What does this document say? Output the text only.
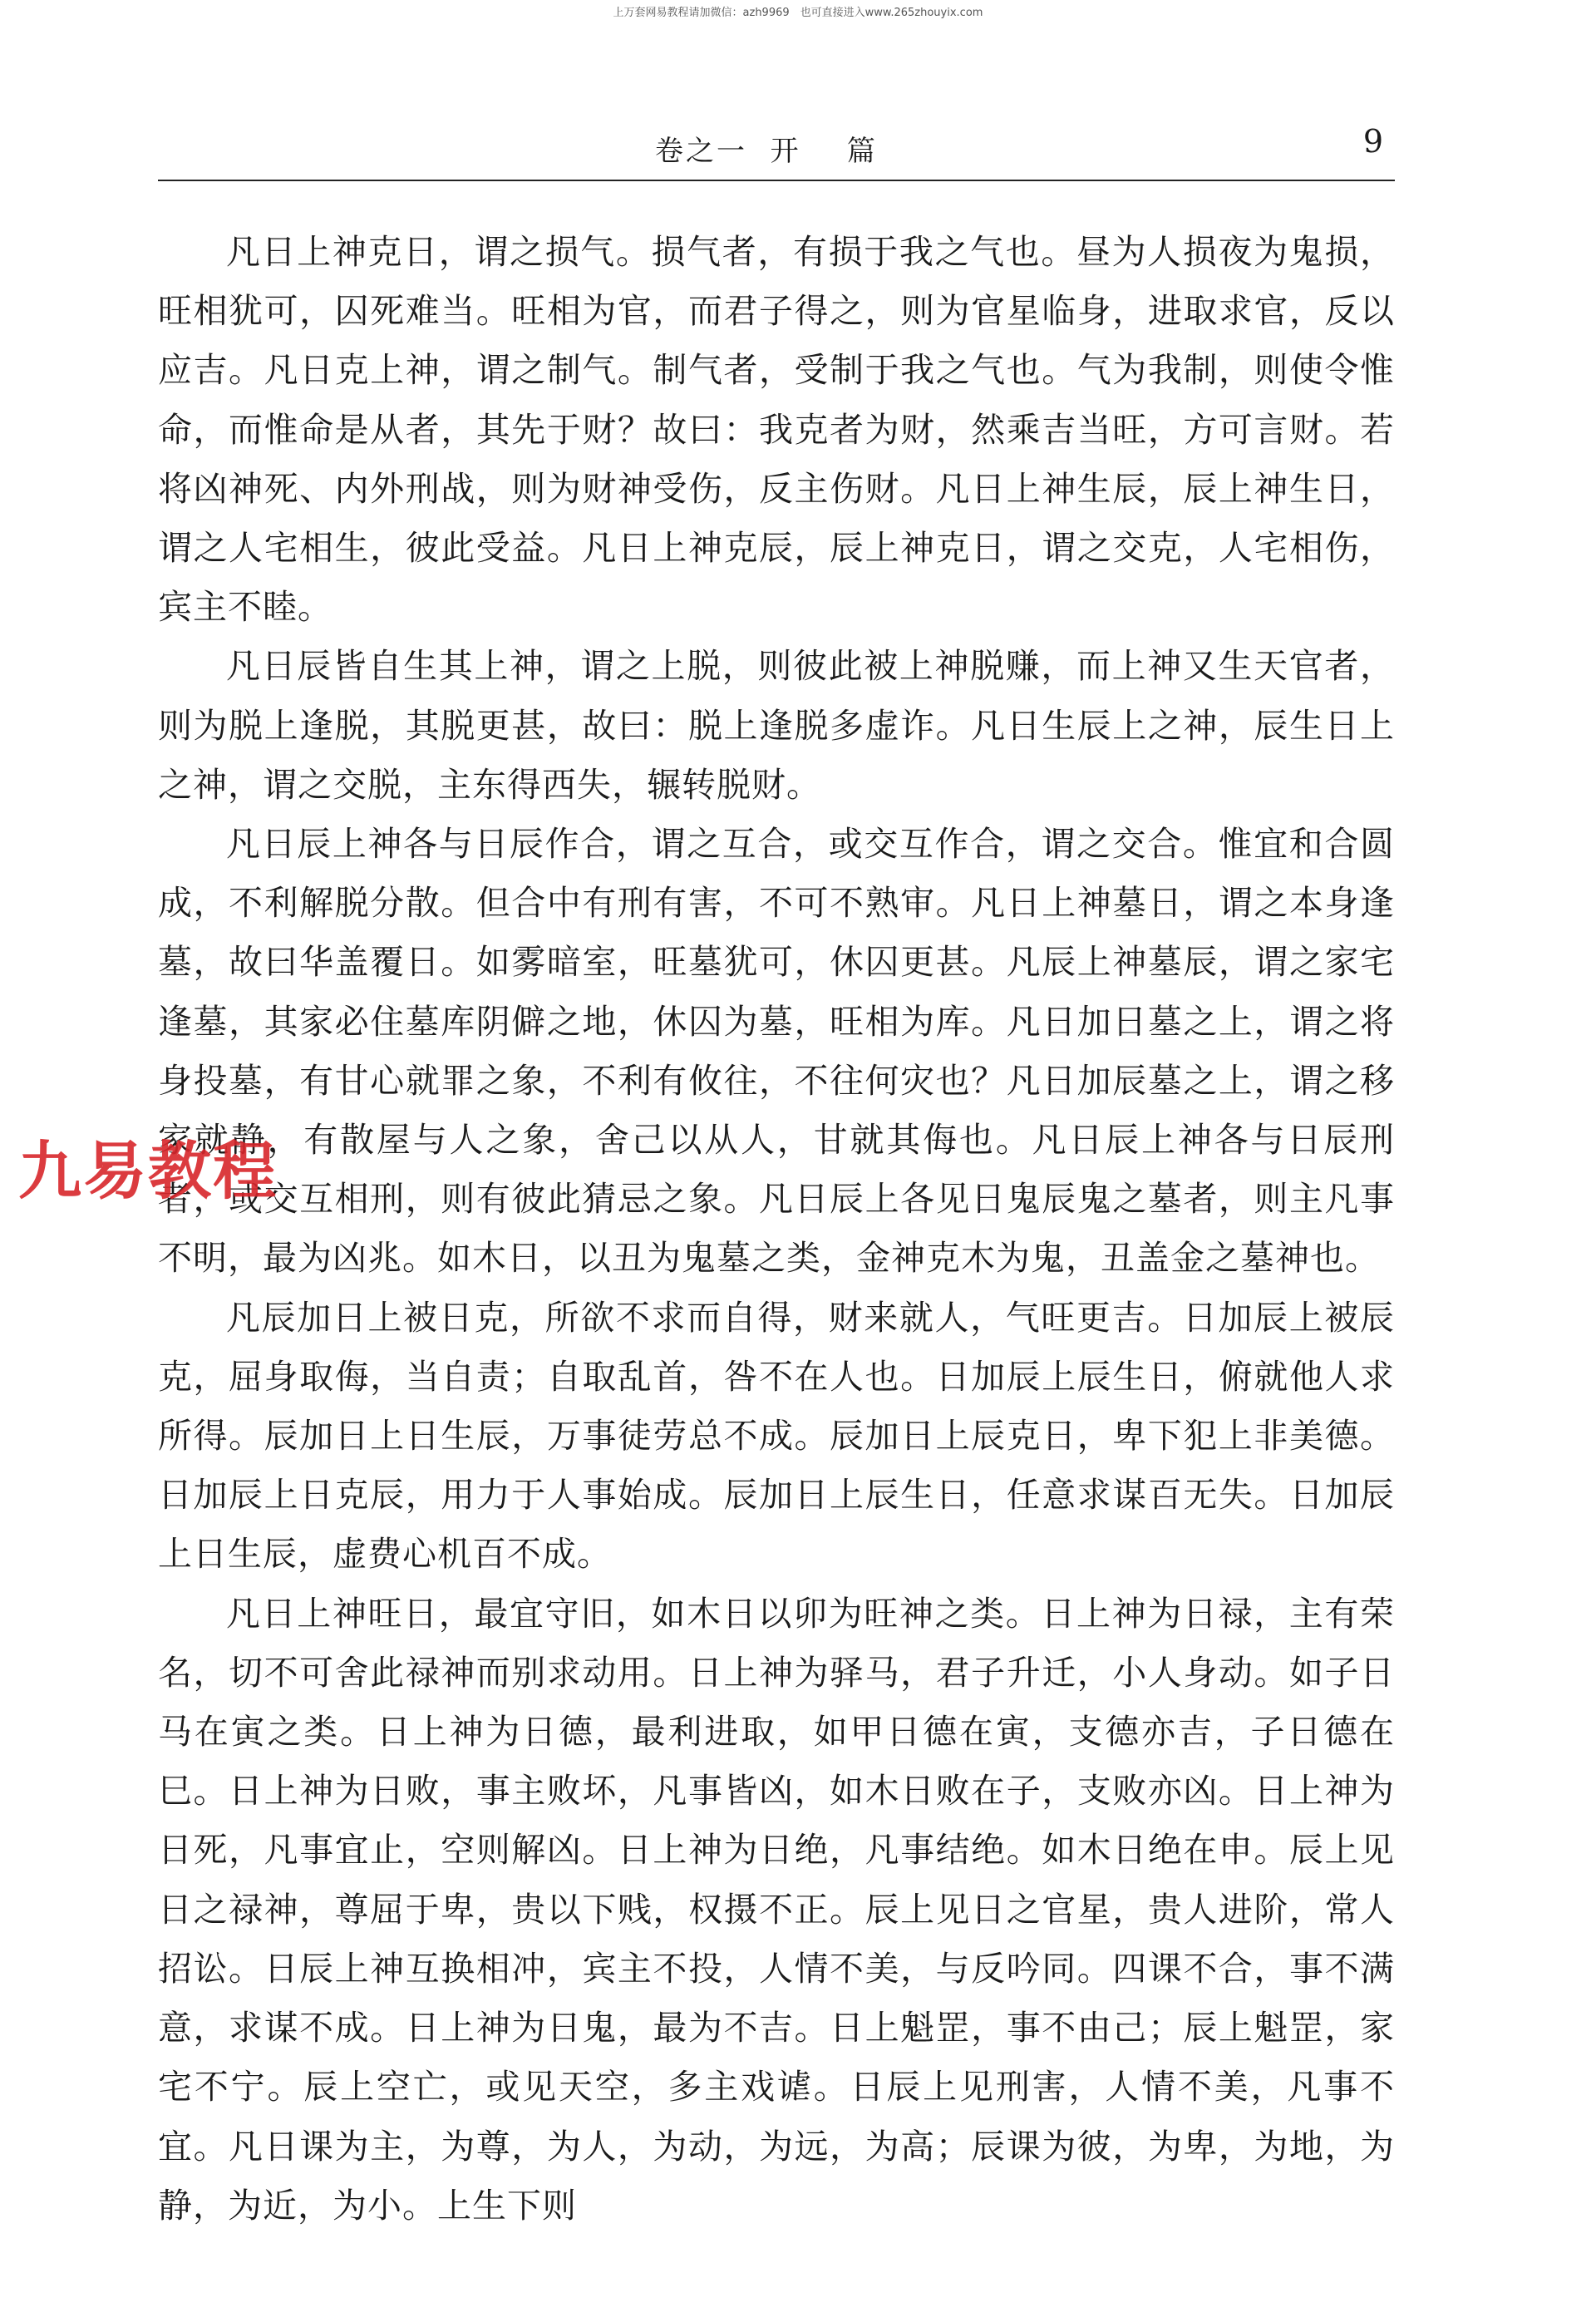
上万套网易教程请加微信：azh9969　也可直接进入www.265zhouyix.com
卷之一  开    篇	9

凡日上神克日，谓之损气。损气者，有损于我之气也。昼为人损夜为鬼损，旺相犹可，囚死难当。旺相为官，而君子得之，则为官星临身，进取求官，反以应吉。凡日克上神，谓之制气。制气者，受制于我之气也。气为我制，则使令惟命，而惟命是从者，其先于财？故曰：我克者为财，然乘吉当旺，方可言财。若将凶神死、内外刑战，则为财神受伤，反主伤财。凡日上神生辰，辰上神生日，谓之人宅相生，彼此受益。凡日上神克辰，辰上神克日，谓之交克，人宅相伤，宾主不睦。

凡日辰皆自生其上神，谓之上脱，则彼此被上神脱赚，而上神又生天官者，则为脱上逢脱，其脱更甚，故曰：脱上逢脱多虚诈。凡日生辰上之神，辰生日上之神，谓之交脱，主东得西失，辗转脱财。

凡日辰上神各与日辰作合，谓之互合，或交互作合，谓之交合。惟宜和合圆成，不利解脱分散。但合中有刑有害，不可不熟审。凡日上神墓日，谓之本身逢墓，故曰华盖覆日。如雾暗室，旺墓犹可，休囚更甚。凡辰上神墓辰，谓之家宅逢墓，其家必住墓库阴僻之地，休囚为墓，旺相为库。凡日加日墓之上，谓之将身投墓，有甘心就罪之象，不利有攸往，不往何灾也？凡日加辰墓之上，谓之移家就静，有散屋与人之象，舍己以从人，甘就其侮也。凡日辰上神各与日辰刑者，或交互相刑，则有彼此猜忌之象。凡日辰上各见日鬼辰鬼之墓者，则主凡事不明，最为凶兆。如木日，以丑为鬼墓之类，金神克木为鬼，丑盖金之墓神也。

凡辰加日上被日克，所欲不求而自得，财来就人，气旺更吉。日加辰上被辰克，屈身取侮，当自责；自取乱首，咎不在人也。日加辰上辰生日，俯就他人求所得。辰加日上日生辰，万事徒劳总不成。辰加日上辰克日，卑下犯上非美德。日加辰上日克辰，用力于人事始成。辰加日上辰生日，任意求谋百无失。日加辰上日生辰，虚费心机百不成。

凡日上神旺日，最宜守旧，如木日以卯为旺神之类。日上神为日禄，主有荣名，切不可舍此禄神而别求动用。日上神为驿马，君子升迁，小人身动。如子日马在寅之类。日上神为日德，最利进取，如甲日德在寅，支德亦吉，子日德在巳。日上神为日败，事主败坏，凡事皆凶，如木日败在子，支败亦凶。日上神为日死，凡事宜止，空则解凶。日上神为日绝，凡事结绝。如木日绝在申。辰上见日之禄神，尊屈于卑，贵以下贱，权摄不正。辰上见日之官星，贵人进阶，常人招讼。日辰上神互换相冲，宾主不投，人情不美，与反吟同。四课不合，事不满意，求谋不成。日上神为日鬼，最为不吉。日上魁罡，事不由己；辰上魁罡，家宅不宁。辰上空亡，或见天空，多主戏谑。日辰上见刑害，人情不美，凡事不宜。凡日课为主，为尊，为人，为动，为远，为高；辰课为彼，为卑，为地，为静，为近，为小。上生下则

九易教程
